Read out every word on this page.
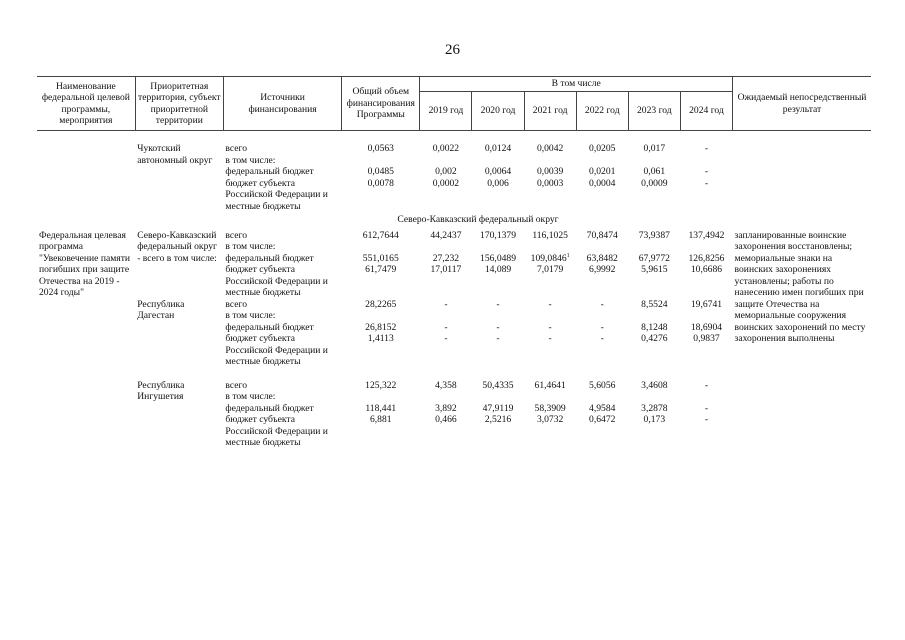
26
Наименование федеральной целевой программы, мероприятия	Приоритетная территория, субъект приоритетной территории	Источники финансирования	Общий объем финансирования Программы	В том числе						Ожидаемый непосредственный результат
				2019 год	2020 год	2021 год	2022 год	2023 год	2024 год	

	Чукотский автономный округ	всего	0,0563	0,0022	0,0124	0,0042	0,0205	0,017	-	
		в том числе:								
		федеральный бюджет	0,0485	0,002	0,0064	0,0039	0,0201	0,061	-	
		бюджет субъекта Российской Федерации и местные бюджеты	0,0078	0,0002	0,006	0,0003	0,0004	0,0009	-	
		Северо-Кавказский федеральный округ								
Федеральная целевая программа "Увековечение памяти погибших при защите Отечества на 2019 - 2024 годы"	Северо-Кавказский федеральный округ - всего в том числе:	всего	612,7644	44,2437	170,1379	116,1025	70,8474	73,9387	137,4942	запланированные воинские захоронения восстановлены; мемориальные знаки на воинских захоронениях установлены; работы по нанесению имен погибших при защите Отечества на мемориальные сооружения воинских захоронений по месту захоронения выполнены
		в том числе:								
		федеральный бюджет	551,0165	27,232	156,0489	109,0846$^1$	63,8482	67,9772	126,8256	
		бюджет субъекта Российской Федерации и местные бюджеты	61,7479	17,0117	14,089	7,0179	6,9992	5,9615	10,6686	
	Республика Дагестан	всего	28,2265	-	-	-	-	8,5524	19,6741	
		в том числе:								
		федеральный бюджет	26,8152	-	-	-	-	8,1248	18,6904	
		бюджет субъекта Российской Федерации и местные бюджеты	1,4113	-	-	-	-	0,4276	0,9837	

	Республика Ингушетия	всего	125,322	4,358	50,4335	61,4641	5,6056	3,4608	-	
		в том числе:								
		федеральный бюджет	118,441	3,892	47,9119	58,3909	4,9584	3,2878	-	
		бюджет субъекта Российской Федерации и местные бюджеты	6,881	0,466	2,5216	3,0732	0,6472	0,173	-	
